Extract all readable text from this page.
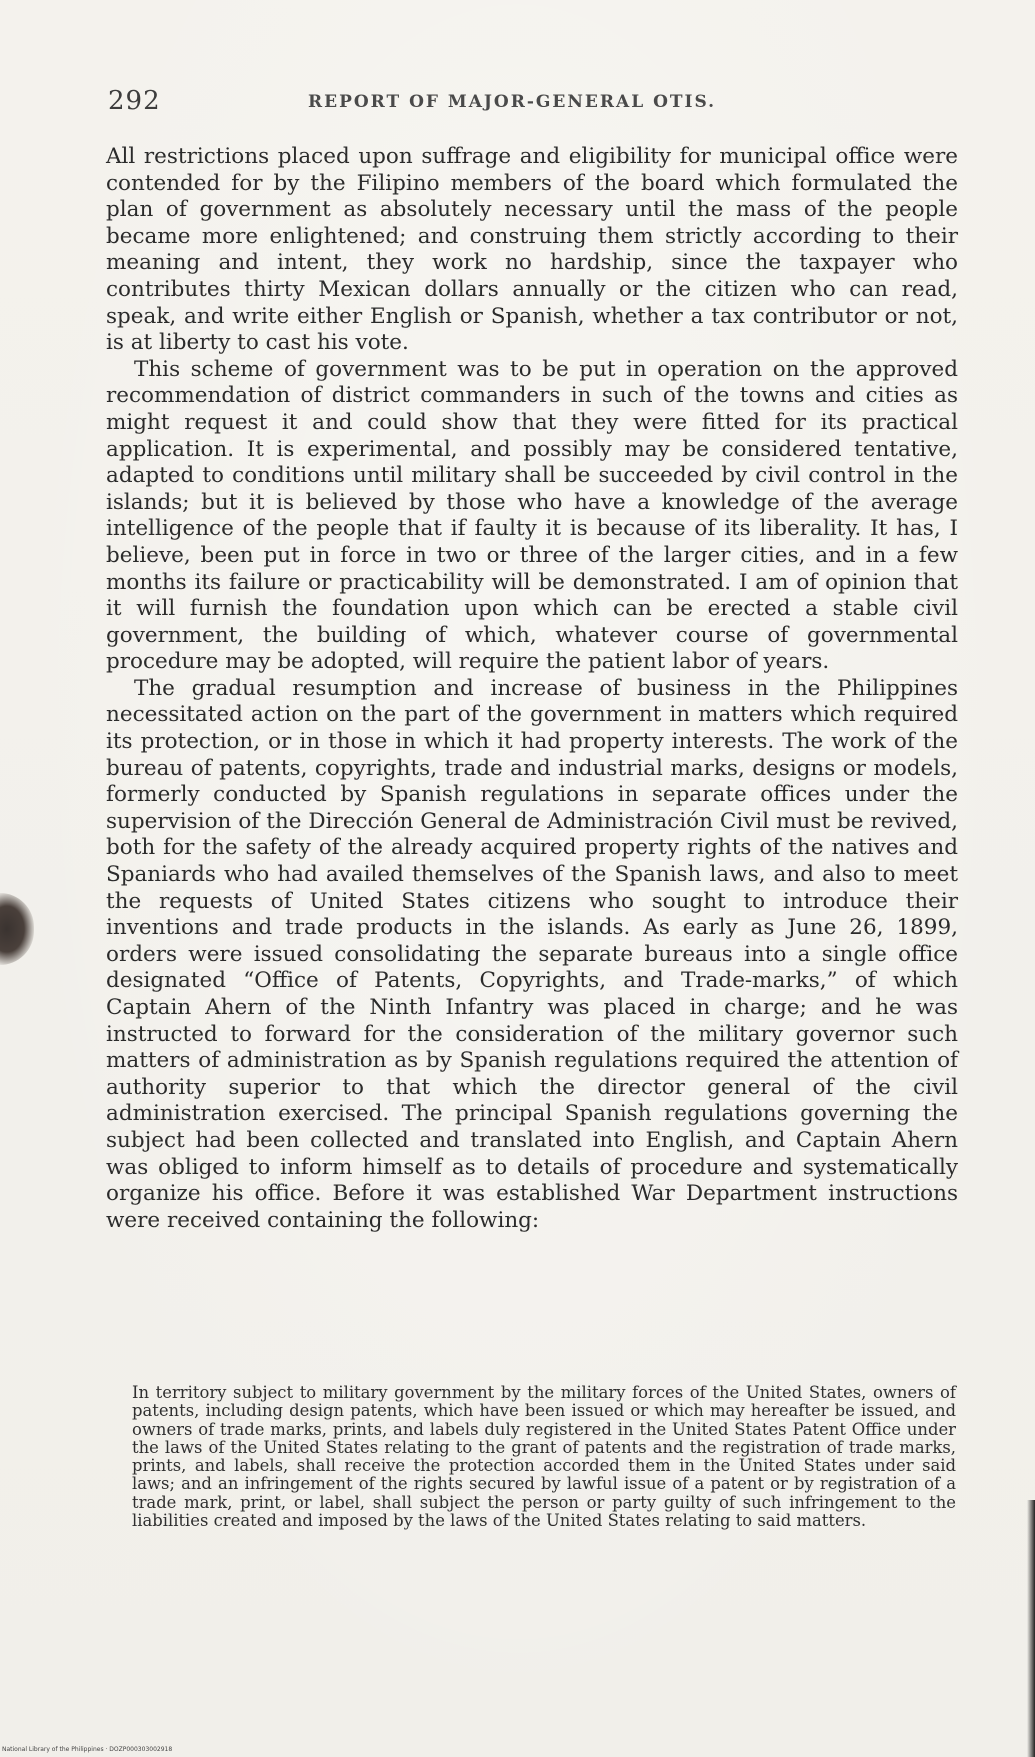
292	REPORT OF MAJOR-GENERAL OTIS.

All restrictions placed upon suffrage and eligibility for municipal office were contended for by the Filipino members of the board which formulated the plan of government as absolutely necessary until the mass of the people became more enlightened; and construing them strictly according to their meaning and intent, they work no hardship, since the taxpayer who contributes thirty Mexican dollars annually or the citizen who can read, speak, and write either English or Spanish, whether a tax contributor or not, is at liberty to cast his vote.

This scheme of government was to be put in operation on the approved recommendation of district commanders in such of the towns and cities as might request it and could show that they were fitted for its practical application. It is experimental, and possibly may be considered tentative, adapted to conditions until military shall be succeeded by civil control in the islands; but it is believed by those who have a knowledge of the average intelligence of the people that if faulty it is because of its liberality. It has, I believe, been put in force in two or three of the larger cities, and in a few months its failure or practicability will be demonstrated. I am of opinion that it will furnish the foundation upon which can be erected a stable civil government, the building of which, whatever course of governmental procedure may be adopted, will require the patient labor of years.

The gradual resumption and increase of business in the Philippines necessitated action on the part of the government in matters which required its protection, or in those in which it had property interests. The work of the bureau of patents, copyrights, trade and industrial marks, designs or models, formerly conducted by Spanish regulations in separate offices under the supervision of the Dirección General de Administración Civil must be revived, both for the safety of the already acquired property rights of the natives and Spaniards who had availed themselves of the Spanish laws, and also to meet the requests of United States citizens who sought to introduce their inventions and trade products in the islands. As early as June 26, 1899, orders were issued consolidating the separate bureaus into a single office designated “Office of Patents, Copyrights, and Trade-marks,” of which Captain Ahern of the Ninth Infantry was placed in charge; and he was instructed to forward for the consideration of the military governor such matters of administration as by Spanish regulations required the attention of authority superior to that which the director general of the civil administration exercised. The principal Spanish regulations governing the subject had been collected and translated into English, and Captain Ahern was obliged to inform himself as to details of procedure and systematically organize his office. Before it was established War Department instructions were received containing the following:

In territory subject to military government by the military forces of the United States, owners of patents, including design patents, which have been issued or which may hereafter be issued, and owners of trade marks, prints, and labels duly registered in the United States Patent Office under the laws of the United States relating to the grant of patents and the registration of trade marks, prints, and labels, shall receive the protection accorded them in the United States under said laws; and an infringement of the rights secured by lawful issue of a patent or by registration of a trade mark, print, or label, shall subject the person or party guilty of such infringement to the liabilities created and imposed by the laws of the United States relating to said matters.

National Library of the Philippines · DOZP000303002918
